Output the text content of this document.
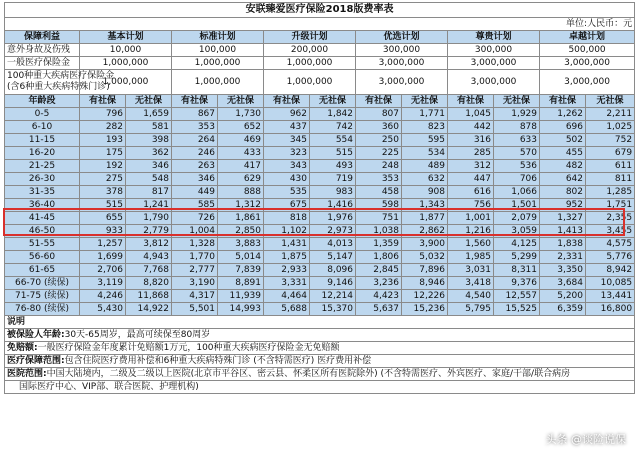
安联臻爱医疗保险2018版费率表												
单位:人民币：元												
保障利益	基本计划		标准计划		升级计划		优选计划		尊贵计划		卓越计划	

意外身故及伤残	10,000		100,000		200,000		300,000		300,000		500,000	

一般医疗保险金	1,000,000		1,000,000		1,000,000		3,000,000		3,000,000		3,000,000	

100种重大疾病医疗保险金
(含6种重大疾病特殊门诊)	1,000,000		1,000,000		1,000,000		3,000,000		3,000,000		3,000,000	
年龄段	有社保	无社保	有社保	无社保	有社保	无社保	有社保	无社保	有社保	无社保	有社保	无社保
0-5	796	1,659	867	1,730	962	1,842	807	1,771	1,045	1,929	1,262	2,211
6-10	282	581	353	652	437	742	360	823	442	878	696	1,025
11-15	193	398	264	469	345	554	250	595	316	633	502	752
16-20	175	362	246	433	323	515	225	534	285	570	455	679
21-25	192	346	263	417	343	493	248	489	312	536	482	611
26-30	275	548	346	629	430	719	353	632	447	706	642	811
31-35	378	817	449	888	535	983	458	908	616	1,066	802	1,285
36-40	515	1,241	585	1,312	675	1,416	598	1,343	756	1,501	952	1,751
41-45	655	1,790	726	1,861	818	1,976	751	1,877	1,001	2,079	1,327	2,355
46-50	933	2,779	1,004	2,850	1,102	2,973	1,038	2,862	1,216	3,059	1,413	3,455
51-55	1,257	3,812	1,328	3,883	1,431	4,013	1,359	3,900	1,560	4,125	1,838	4,575
56-60	1,699	4,943	1,770	5,014	1,875	5,147	1,806	5,032	1,985	5,299	2,331	5,776
61-65	2,706	7,768	2,777	7,839	2,933	8,096	2,845	7,896	3,031	8,311	3,350	8,942
66-70 (续保)	3,119	8,820	3,190	8,891	3,331	9,146	3,236	8,946	3,418	9,376	3,684	10,085
71-75 (续保)	4,246	11,868	4,317	11,939	4,464	12,214	4,423	12,226	4,540	12,557	5,200	13,441
76-80 (续保)	5,430	14,922	5,501	14,993	5,688	15,370	5,637	15,236	5,795	15,525	6,359	16,800
说明												
被保险人年龄:30天-65周岁，最高可续保至80周岁												
免赔额:一般医疗保险金年度累计免赔额1万元，100种重大疾病医疗保险金无免赔额												
医疗保障范围:包含住院医疗费用补偿和6种重大疾病特殊门诊 (不含特需医疗) 医疗费用补偿												
医院范围:中国大陆境内，二级及二级以上医院(北京市平谷区、密云县、怀柔区所有医院除外) (不含特需医疗、外宾医疗、家庭/干部/联合病房												
国际医疗中心、VIP部、联合医院、护理机构)												
头条 @谈险说保
